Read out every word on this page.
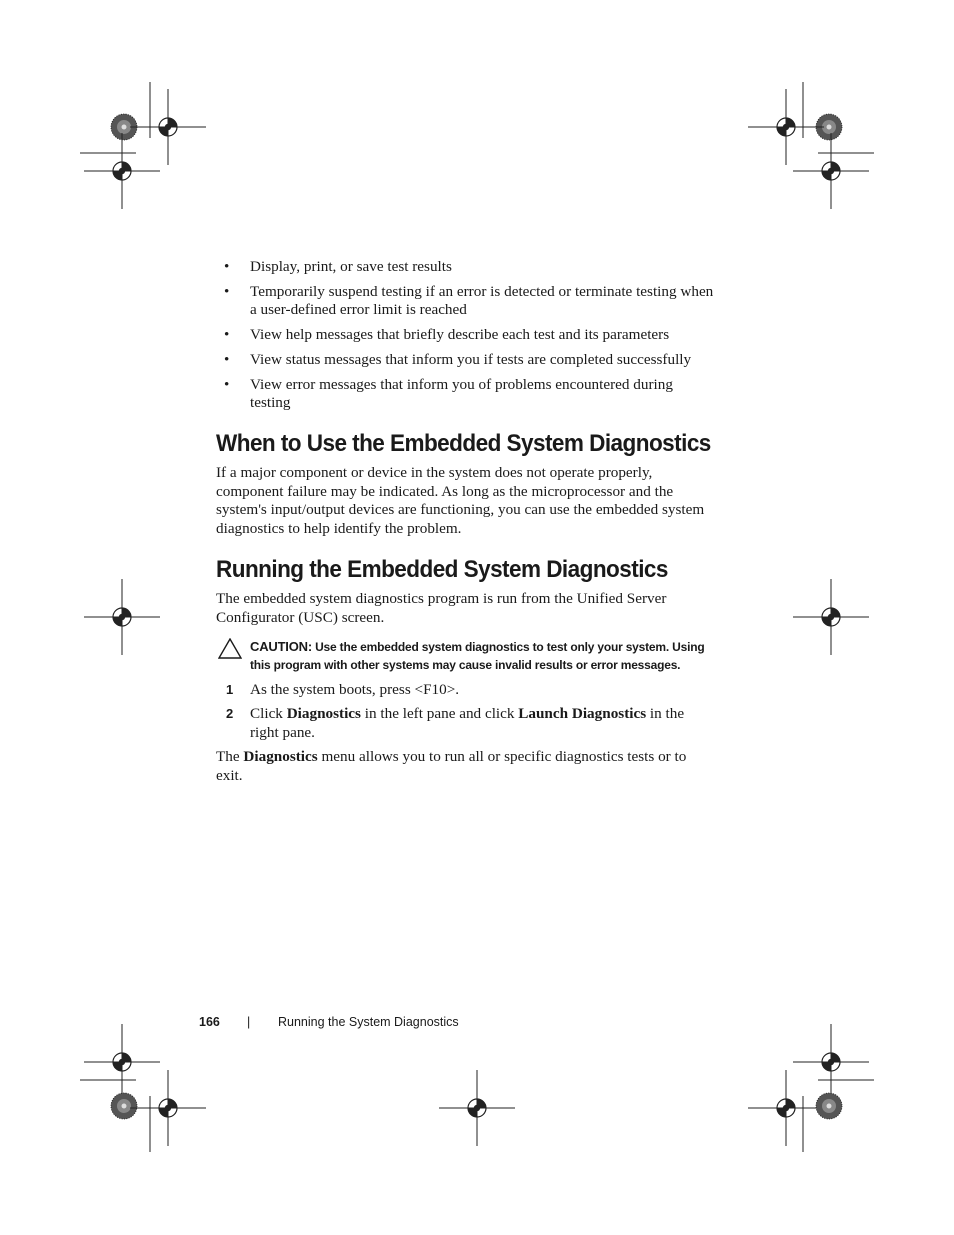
• Display, print, or save test results
• Temporarily suspend testing if an error is detected or terminate testing when a user-defined error limit is reached
• View help messages that briefly describe each test and its parameters
• View status messages that inform you if tests are completed successfully
• View error messages that inform you of problems encountered during testing
When to Use the Embedded System Diagnostics

If a major component or device in the system does not operate properly, component failure may be indicated. As long as the microprocessor and the system's input/output devices are functioning, you can use the embedded system diagnostics to help identify the problem.

Running the Embedded System Diagnostics

The embedded system diagnostics program is run from the Unified Server Configurator (USC) screen.

CAUTION: Use the embedded system diagnostics to test only your system. Using this program with other systems may cause invalid results or error messages.
1 As the system boots, press <F10>.
2 Click Diagnostics in the left pane and click Launch Diagnostics in the right pane.

The Diagnostics menu allows you to run all or specific diagnostics tests or to exit.

166 | Running the System Diagnostics
